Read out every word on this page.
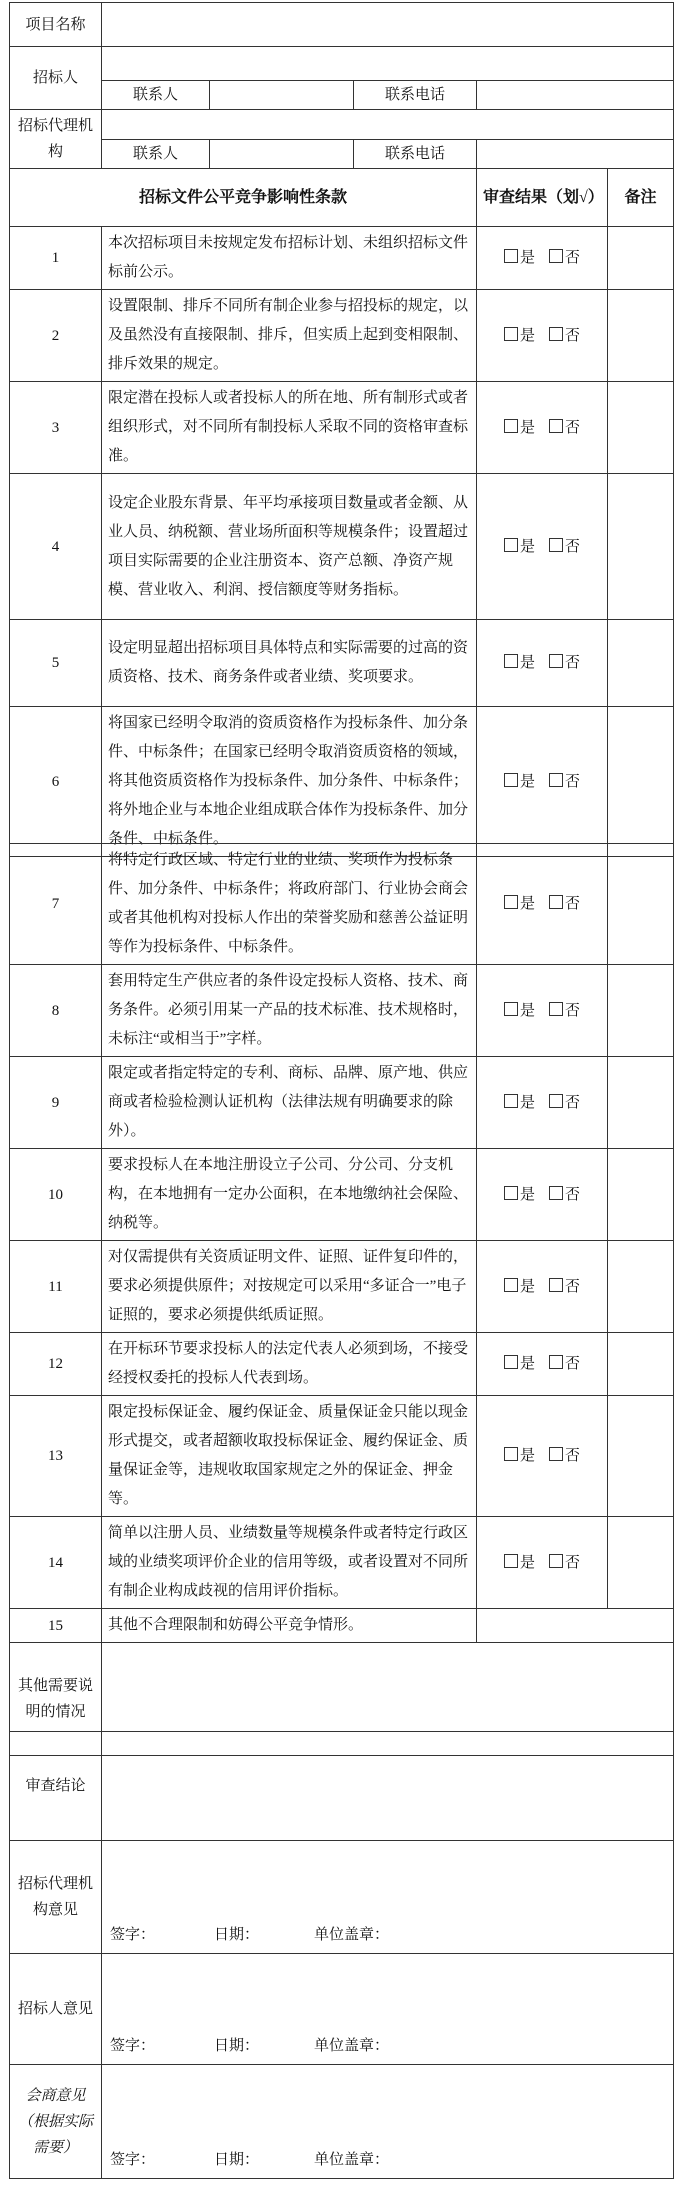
项目名称					
招标人					
	联系人		联系电话		
招标代理机构					
	联系人		联系电话		
招标文件公平竞争影响性条款				审查结果（划√）	备注
1	本次招标项目未按规定发布招标计划、未组织招标文件标前公示。			是 否	
2	设置限制、排斥不同所有制企业参与招投标的规定，以及虽然没有直接限制、排斥，但实质上起到变相限制、排斥效果的规定。			是 否	
3	限定潜在投标人或者投标人的所在地、所有制形式或者组织形式，对不同所有制投标人采取不同的资格审查标准。			是 否	
4	设定企业股东背景、年平均承接项目数量或者金额、从业人员、纳税额、营业场所面积等规模条件；设置超过项目实际需要的企业注册资本、资产总额、净资产规模、营业收入、利润、授信额度等财务指标。			是 否	
5	设定明显超出招标项目具体特点和实际需要的过高的资质资格、技术、商务条件或者业绩、奖项要求。			是 否	
6	将国家已经明令取消的资质资格作为投标条件、加分条件、中标条件；在国家已经明令取消资质资格的领域，将其他资质资格作为投标条件、加分条件、中标条件；将外地企业与本地企业组成联合体作为投标条件、加分条件、中标条件。			是 否	
7	将特定行政区域、特定行业的业绩、奖项作为投标条件、加分条件、中标条件；将政府部门、行业协会商会或者其他机构对投标人作出的荣誉奖励和慈善公益证明等作为投标条件、中标条件。	是 否	
8	套用特定生产供应者的条件设定投标人资格、技术、商务条件。必须引用某一产品的技术标准、技术规格时，未标注“或相当于”字样。	是 否	
9	限定或者指定特定的专利、商标、品牌、原产地、供应商或者检验检测认证机构（法律法规有明确要求的除外）。	是 否	
10	要求投标人在本地注册设立子公司、分公司、分支机构，在本地拥有一定办公面积，在本地缴纳社会保险、纳税等。	是 否	
11	对仅需提供有关资质证明文件、证照、证件复印件的，要求必须提供原件；对按规定可以采用“多证合一”电子证照的，要求必须提供纸质证照。	是 否	
12	在开标环节要求投标人的法定代表人必须到场，不接受经授权委托的投标人代表到场。	是 否	
13	限定投标保证金、履约保证金、质量保证金只能以现金形式提交，或者超额收取投标保证金、履约保证金、质量保证金等，违规收取国家规定之外的保证金、押金等。	是 否	
14	简单以注册人员、业绩数量等规模条件或者特定行政区域的业绩奖项评价企业的信用等级，或者设置对不同所 有制企业构成歧视的信用评价指标。	是 否	
15	其他不合理限制和妨碍公平竞争情形。		
其他需要说明的情况			
审查结论	
招标代理机构意见	签字： 日期： 单位盖章：

招标人意见	签字： 日期： 单位盖章：

会商意见（根据实际需要）	签字： 日期： 单位盖章：
